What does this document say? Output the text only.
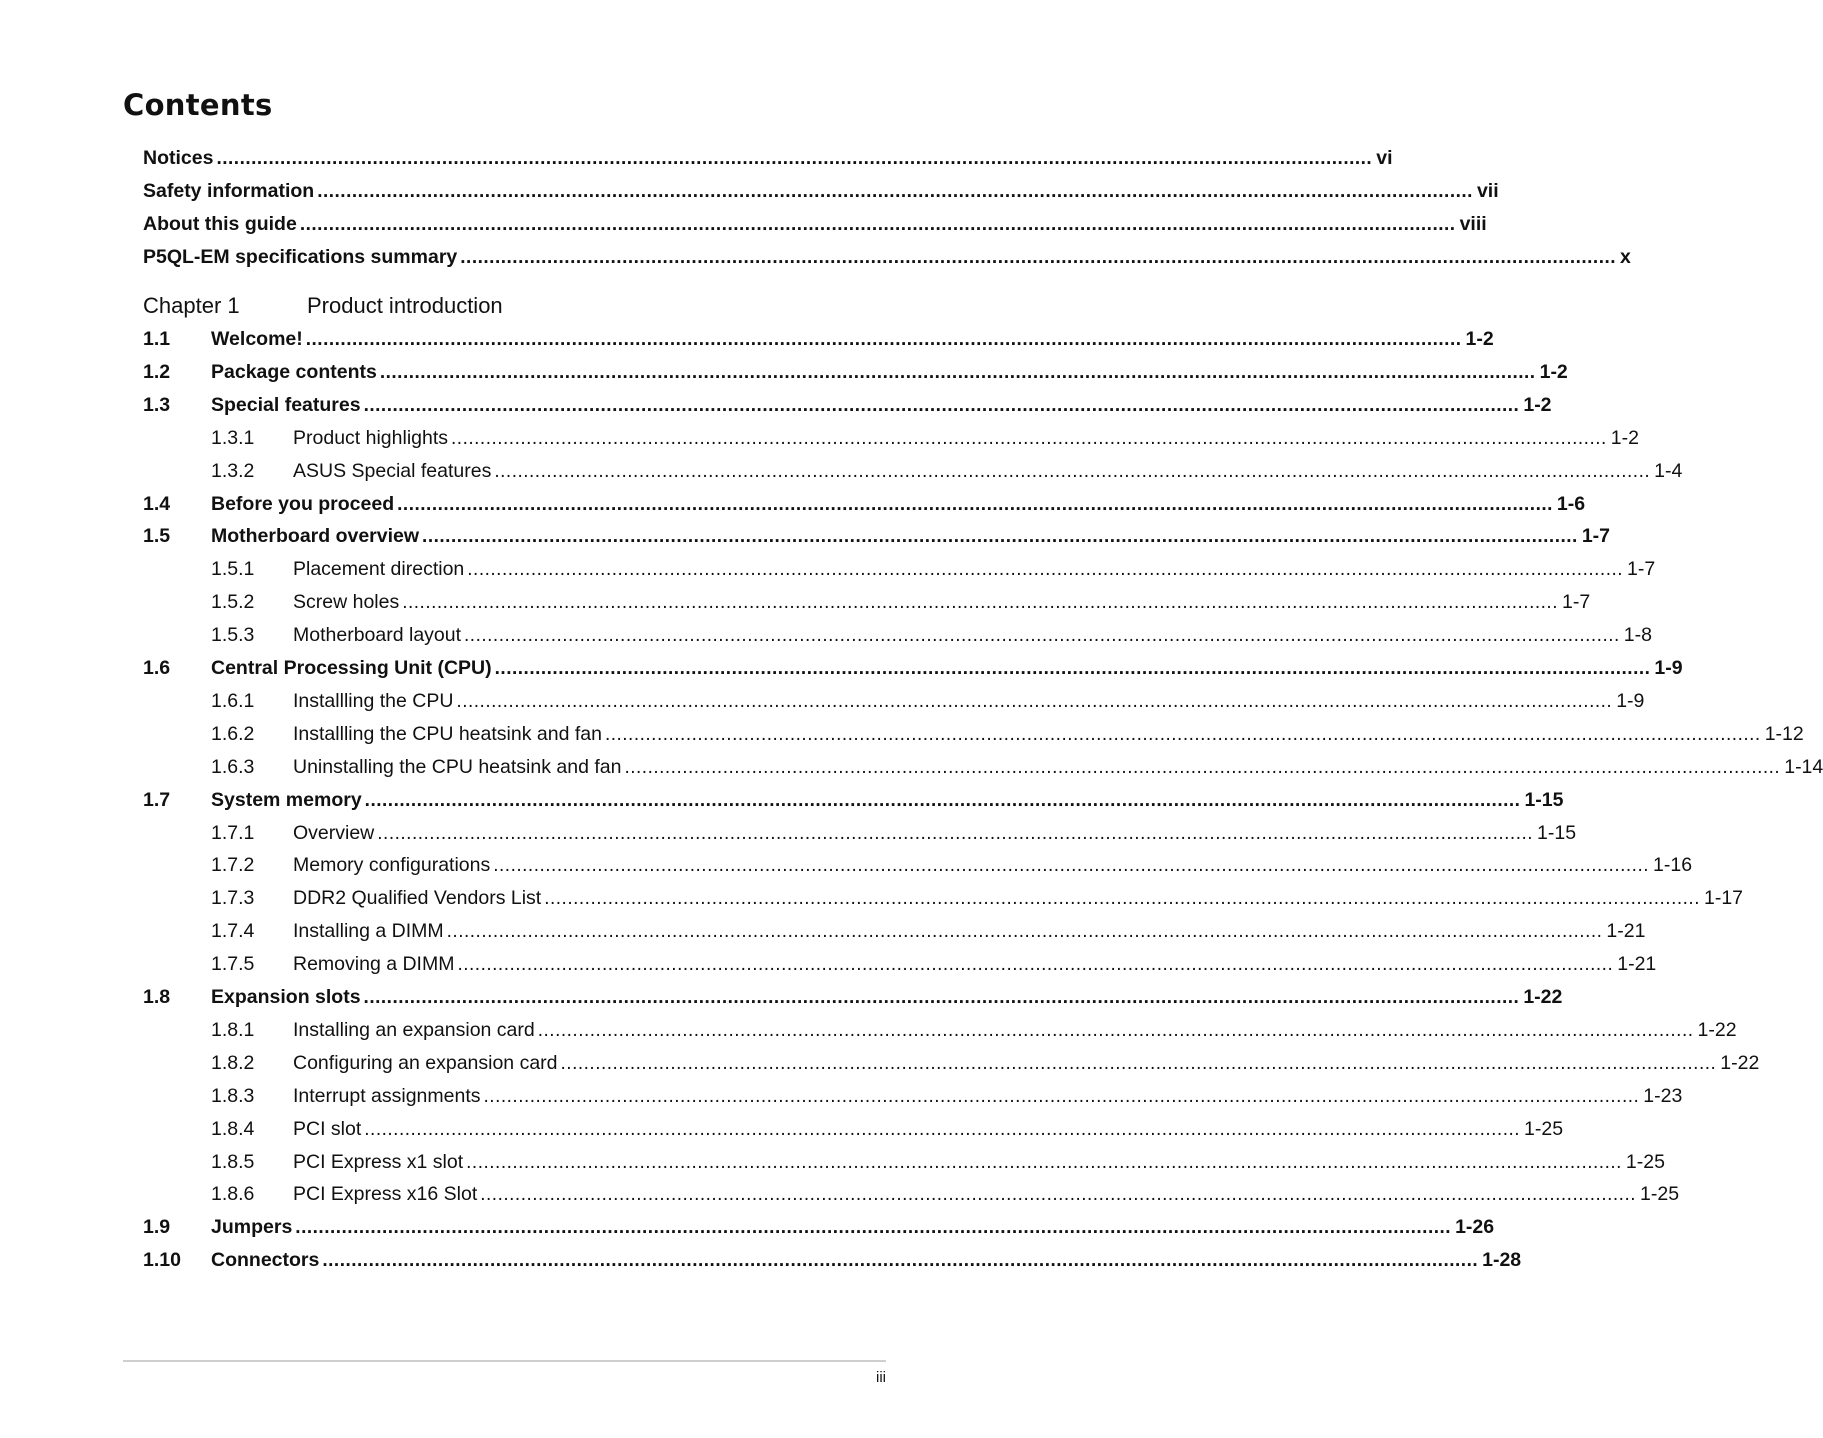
Contents
Notices ........................................................................................................................................................................................................ vi
Safety information ........................................................................................................................................................................................................ vii
About this guide ........................................................................................................................................................................................................ viii
P5QL-EM specifications summary ........................................................................................................................................................................................................ x
Chapter 1	Product introduction
1.1	Welcome! ........................................................................................................................................................................................................ 1-2
1.2	Package contents ........................................................................................................................................................................................................ 1-2
1.3	Special features ........................................................................................................................................................................................................ 1-2
1.3.1	Product highlights ........................................................................................................................................................................................................ 1-2
1.3.2	ASUS Special features ........................................................................................................................................................................................................ 1-4
1.4	Before you proceed ........................................................................................................................................................................................................ 1-6
1.5	Motherboard overview ........................................................................................................................................................................................................ 1-7
1.5.1	Placement direction ........................................................................................................................................................................................................ 1-7
1.5.2	Screw holes ........................................................................................................................................................................................................ 1-7
1.5.3	Motherboard layout ........................................................................................................................................................................................................ 1-8
1.6	Central Processing Unit (CPU) ........................................................................................................................................................................................................ 1-9
1.6.1	Installling the CPU ........................................................................................................................................................................................................ 1-9
1.6.2	Installling the CPU heatsink and fan ........................................................................................................................................................................................................ 1-12
1.6.3	Uninstalling the CPU heatsink and fan ........................................................................................................................................................................................................ 1-14
1.7	System memory ........................................................................................................................................................................................................ 1-15
1.7.1	Overview ........................................................................................................................................................................................................ 1-15
1.7.2	Memory configurations ........................................................................................................................................................................................................ 1-16
1.7.3	DDR2 Qualified Vendors List ........................................................................................................................................................................................................ 1-17
1.7.4	Installing a DIMM ........................................................................................................................................................................................................ 1-21
1.7.5	Removing a DIMM ........................................................................................................................................................................................................ 1-21
1.8	Expansion slots ........................................................................................................................................................................................................ 1-22
1.8.1	Installing an expansion card ........................................................................................................................................................................................................ 1-22
1.8.2	Configuring an expansion card ........................................................................................................................................................................................................ 1-22
1.8.3	Interrupt assignments ........................................................................................................................................................................................................ 1-23
1.8.4	PCI slot ........................................................................................................................................................................................................ 1-25
1.8.5	PCI Express x1 slot ........................................................................................................................................................................................................ 1-25
1.8.6	PCI Express x16 Slot ........................................................................................................................................................................................................ 1-25
1.9	Jumpers ........................................................................................................................................................................................................ 1-26
1.10	Connectors ........................................................................................................................................................................................................ 1-28
iii
